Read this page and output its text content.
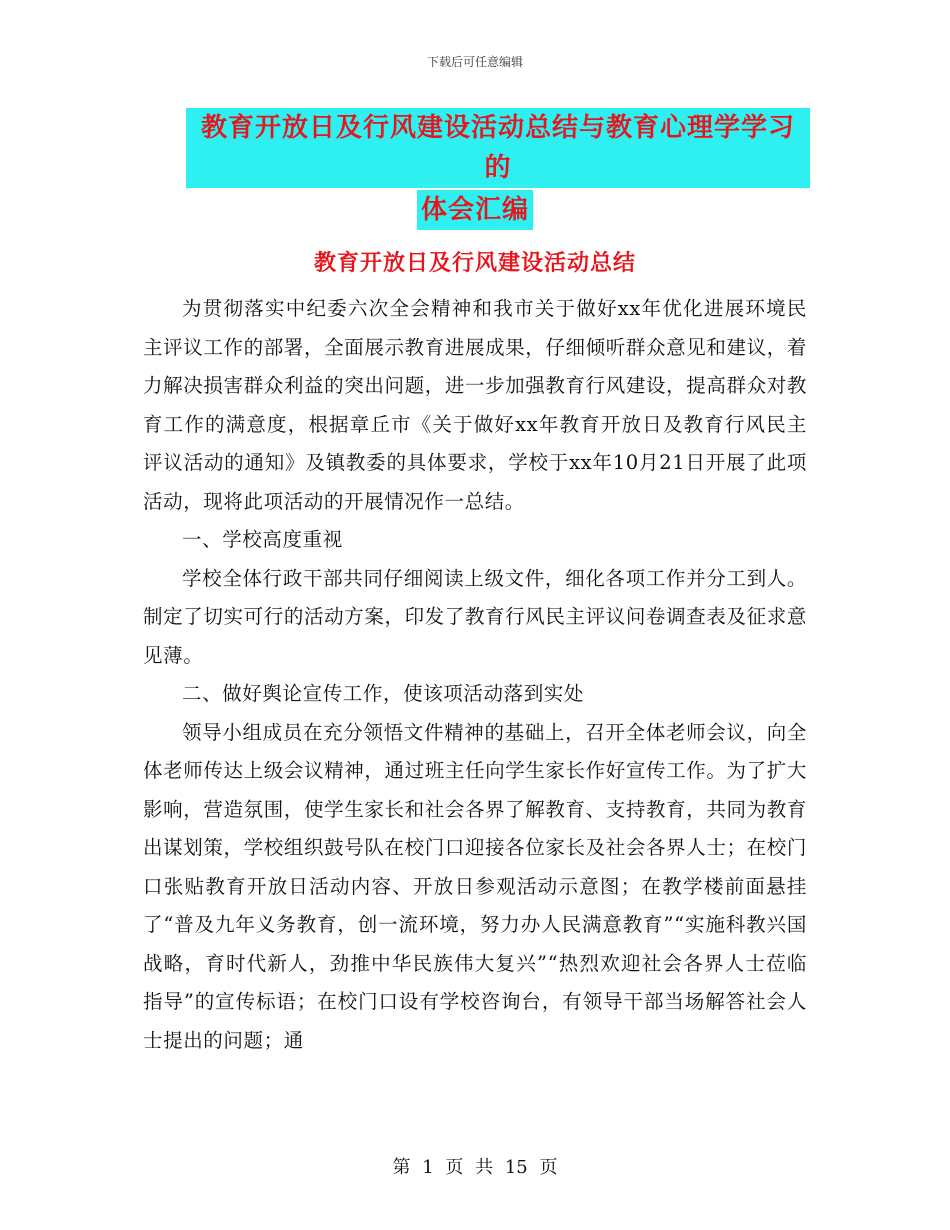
下载后可任意编辑
教育开放日及行风建设活动总结与教育心理学学习的
体会汇编
教育开放日及行风建设活动总结

为贯彻落实中纪委六次全会精神和我市关于做好xx年优化进展环境民主评议工作的部署，全面展示教育进展成果，仔细倾听群众意见和建议，着力解决损害群众利益的突出问题，进一步加强教育行风建设，提高群众对教育工作的满意度，根据章丘市《关于做好xx年教育开放日及教育行风民主评议活动的通知》及镇教委的具体要求，学校于xx年10月21日开展了此项活动，现将此项活动的开展情况作一总结。

一、学校高度重视

学校全体行政干部共同仔细阅读上级文件，细化各项工作并分工到人。制定了切实可行的活动方案，印发了教育行风民主评议问卷调查表及征求意见薄。

二、做好舆论宣传工作，使该项活动落到实处

领导小组成员在充分领悟文件精神的基础上，召开全体老师会议，向全体老师传达上级会议精神，通过班主任向学生家长作好宣传工作。为了扩大影响，营造氛围，使学生家长和社会各界了解教育、支持教育，共同为教育出谋划策，学校组织鼓号队在校门口迎接各位家长及社会各界人士；在校门口张贴教育开放日活动内容、开放日参观活动示意图；在教学楼前面悬挂了“普及九年义务教育，创一流环境，努力办人民满意教育”“实施科教兴国战略，育时代新人，劲推中华民族伟大复兴”“热烈欢迎社会各界人士莅临指导”的宣传标语；在校门口设有学校咨询台，有领导干部当场解答社会人士提出的问题；通

第 1 页 共 15 页
